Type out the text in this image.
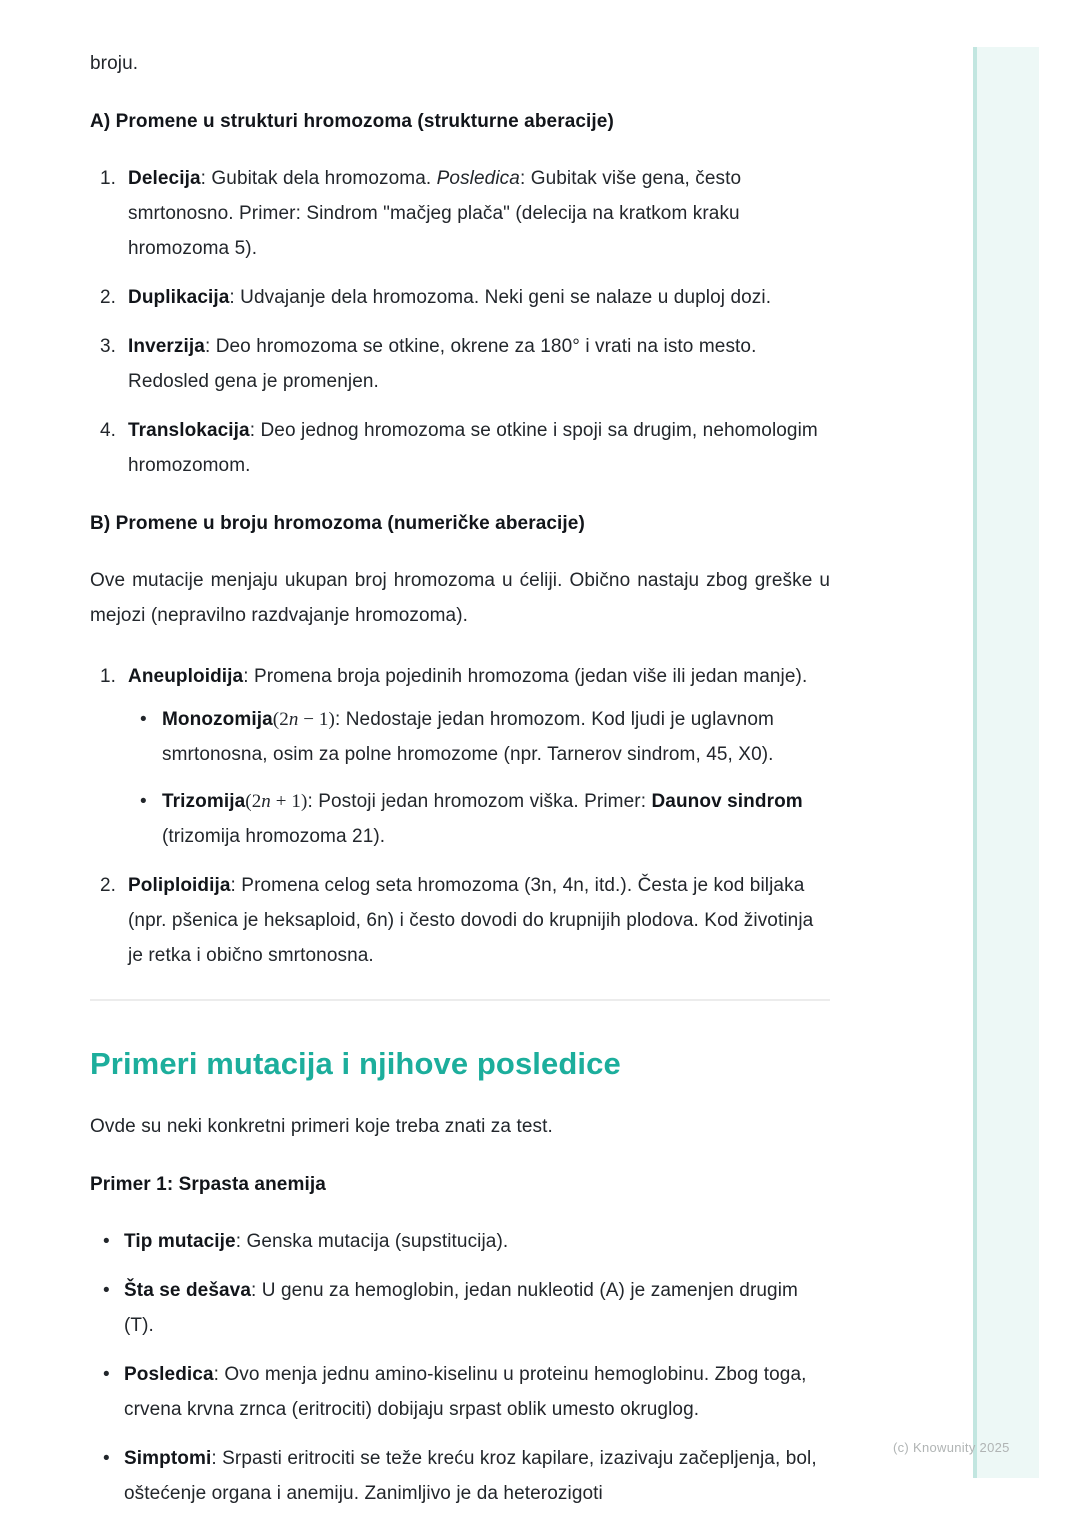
broju.

A) Promene u strukturi hromozoma (strukturne aberacije)
Delecija: Gubitak dela hromozoma. Posledica: Gubitak više gena, često smrtonosno. Primer: Sindrom "mačjeg plača" (delecija na kratkom kraku hromozoma 5).
Duplikacija: Udvajanje dela hromozoma. Neki geni se nalaze u duploj dozi.
Inverzija: Deo hromozoma se otkine, okrene za 180° i vrati na isto mesto. Redosled gena je promenjen.
Translokacija: Deo jednog hromozoma se otkine i spoji sa drugim, nehomologim hromozomom.
B) Promene u broju hromozoma (numeričke aberacije)

Ove mutacije menjaju ukupan broj hromozoma u ćeliji. Obično nastaju zbog greške u mejozi (nepravilno razdvajanje hromozoma).

Aneuploidija: Promena broja pojedinih hromozoma (jedan više ili jedan manje).
• Monozomija(2n − 1): Nedostaje jedan hromozom. Kod ljudi je uglavnom smrtonosna, osim za polne hromozome (npr. Tarnerov sindrom, 45, X0).
• Trizomija(2n + 1): Postoji jedan hromozom viška. Primer: Daunov sindrom (trizomija hromozoma 21).
Poliploidija: Promena celog seta hromozoma (3n, 4n, itd.). Česta je kod biljaka (npr. pšenica je heksaploid, 6n) i često dovodi do krupnijih plodova. Kod životinja je retka i obično smrtonosna.
Primeri mutacija i njihove posledice

Ovde su neki konkretni primeri koje treba znati za test.

Primer 1: Srpasta anemija
• Tip mutacije: Genska mutacija (supstitucija).
• Šta se dešava: U genu za hemoglobin, jedan nukleotid (A) je zamenjen drugim (T).
• Posledica: Ovo menja jednu amino-kiselinu u proteinu hemoglobinu. Zbog toga, crvena krvna zrnca (eritrociti) dobijaju srpast oblik umesto okruglog.
• Simptomi: Srpasti eritrociti se teže kreću kroz kapilare, izazivaju začepljenja, bol, oštećenje organa i anemiju. Zanimljivo je da heterozigoti
(c) Knowunity 2025
